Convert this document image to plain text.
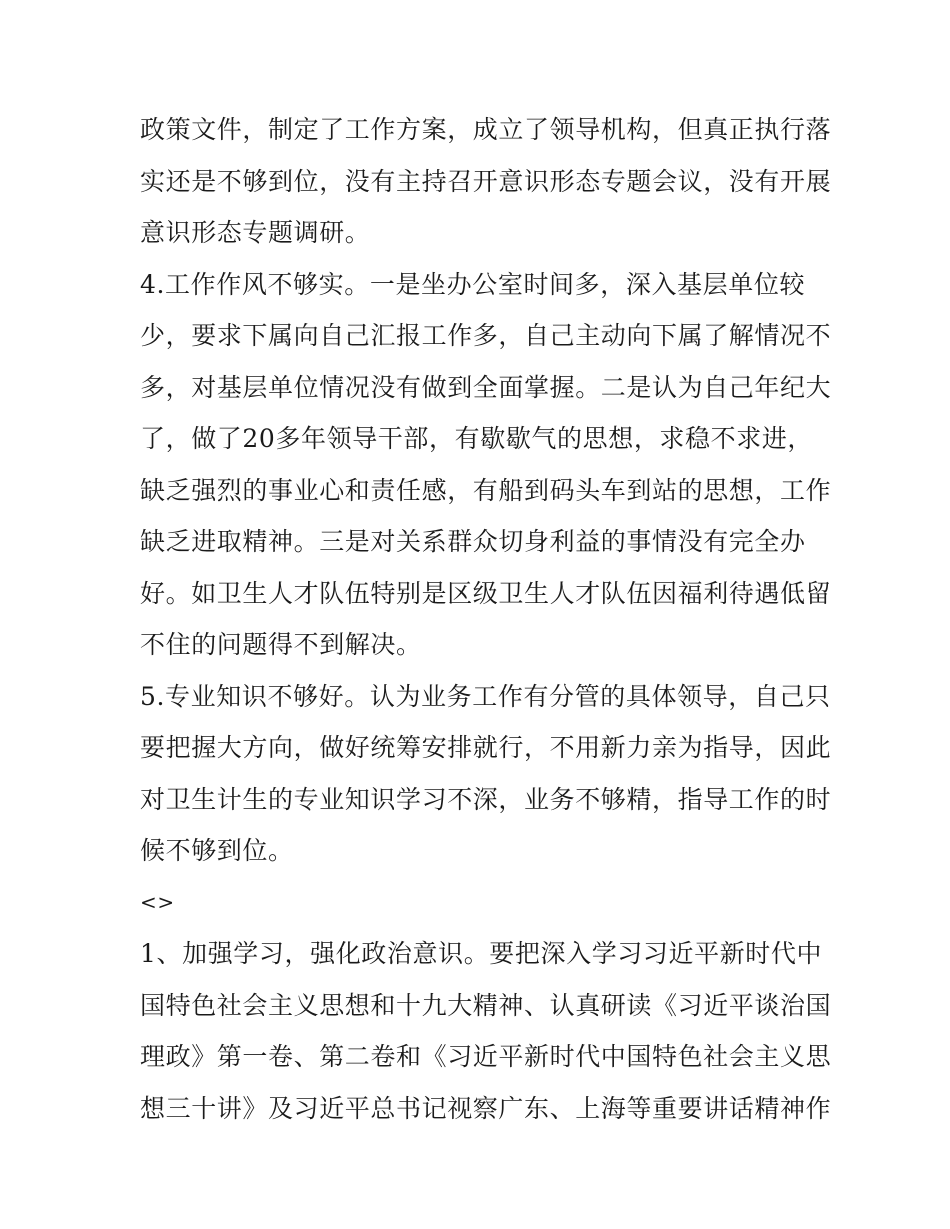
政策文件，制定了工作方案，成立了领导机构，但真正执行落
实还是不够到位，没有主持召开意识形态专题会议，没有开展
意识形态专题调研。
4.工作作风不够实。一是坐办公室时间多，深入基层单位较
少，要求下属向自己汇报工作多，自己主动向下属了解情况不
多，对基层单位情况没有做到全面掌握。二是认为自己年纪大
了，做了20多年领导干部，有歇歇气的思想，求稳不求进，
缺乏强烈的事业心和责任感，有船到码头车到站的思想，工作
缺乏进取精神。三是对关系群众切身利益的事情没有完全办
好。如卫生人才队伍特别是区级卫生人才队伍因福利待遇低留
不住的问题得不到解决。
5.专业知识不够好。认为业务工作有分管的具体领导，自己只
要把握大方向，做好统筹安排就行，不用新力亲为指导，因此
对卫生计生的专业知识学习不深，业务不够精，指导工作的时
候不够到位。
<>
1、加强学习，强化政治意识。要把深入学习习近平新时代中
国特色社会主义思想和十九大精神、认真研读《习近平谈治国
理政》第一卷、第二卷和《习近平新时代中国特色社会主义思
想三十讲》及习近平总书记视察广东、上海等重要讲话精神作
